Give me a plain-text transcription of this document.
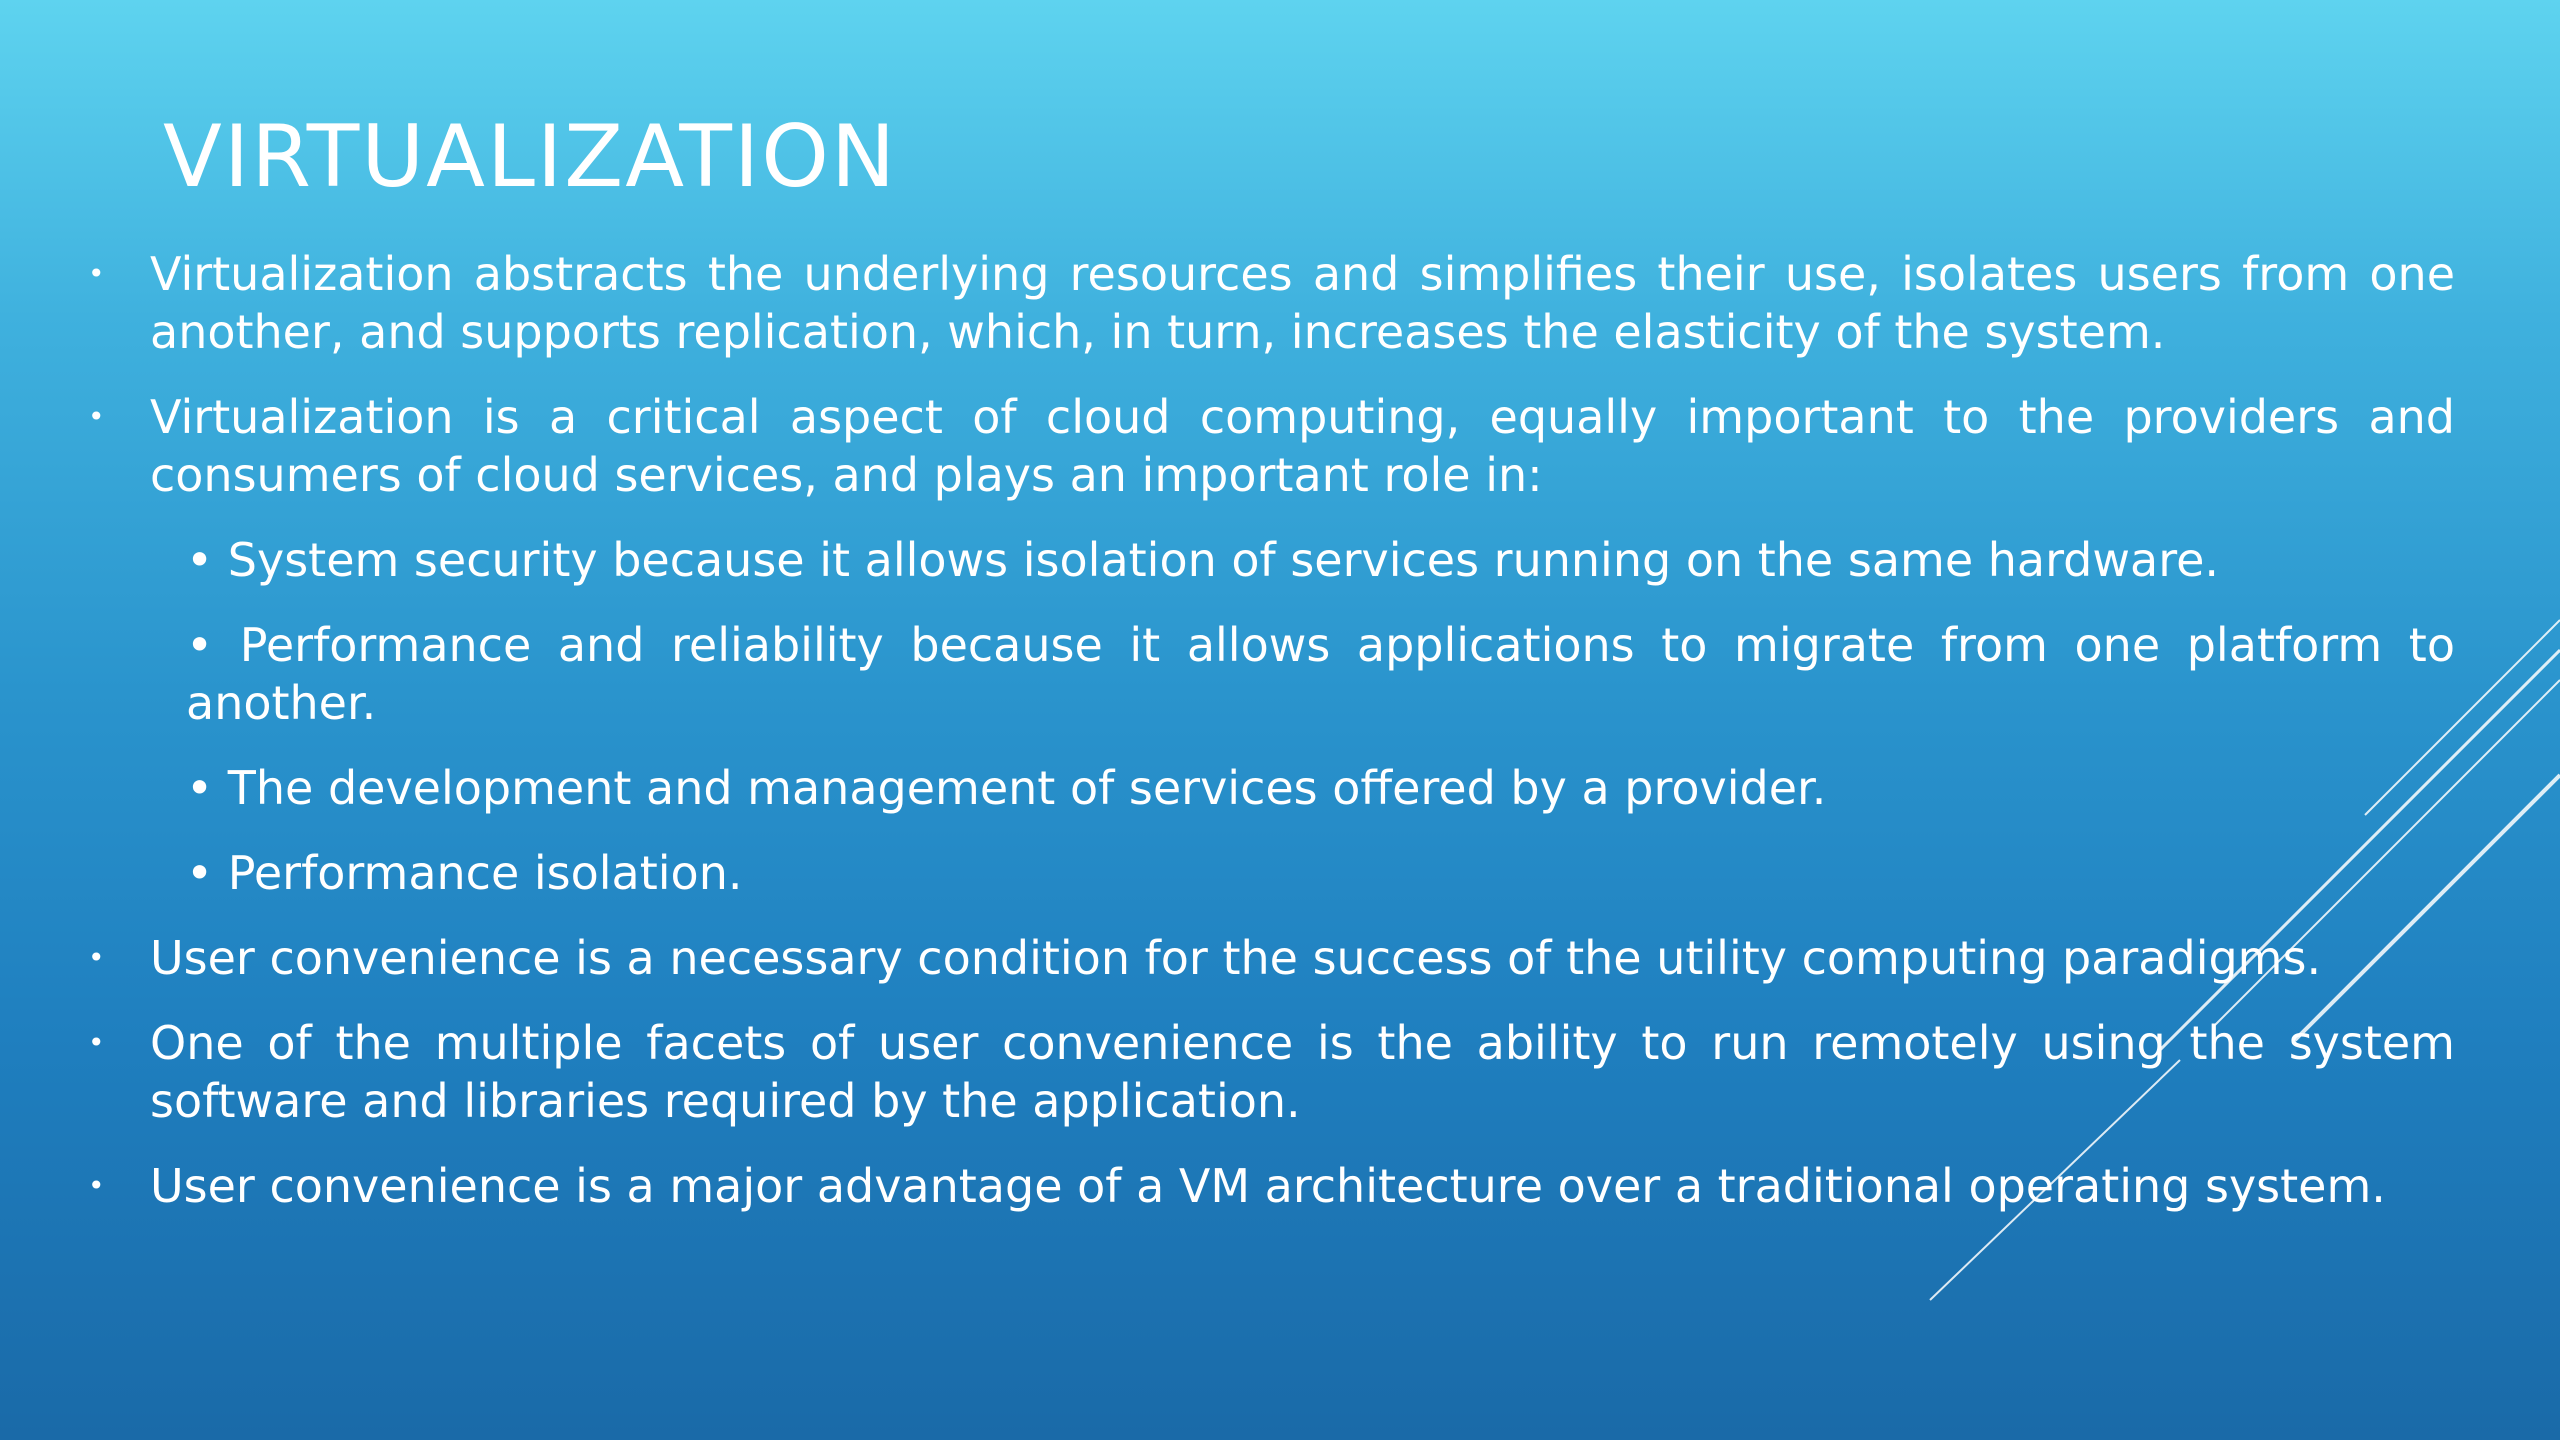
VIRTUALIZATION
• Virtualization abstracts the underlying resources and simplifies their use, isolates users from one another, and supports replication, which, in turn, increases the elasticity of the system.
• Virtualization is a critical aspect of cloud computing, equally important to the providers and consumers of cloud services, and plays an important role in:
• System security because it allows isolation of services running on the same hardware.
• Performance and reliability because it allows applications to migrate from one platform to another.
• The development and management of services offered by a provider.
• Performance isolation.
• User convenience is a necessary condition for the success of the utility computing paradigms.
• One of the multiple facets of user convenience is the ability to run remotely using the system software and libraries required by the application.
• User convenience is a major advantage of a VM architecture over a traditional operating system.
